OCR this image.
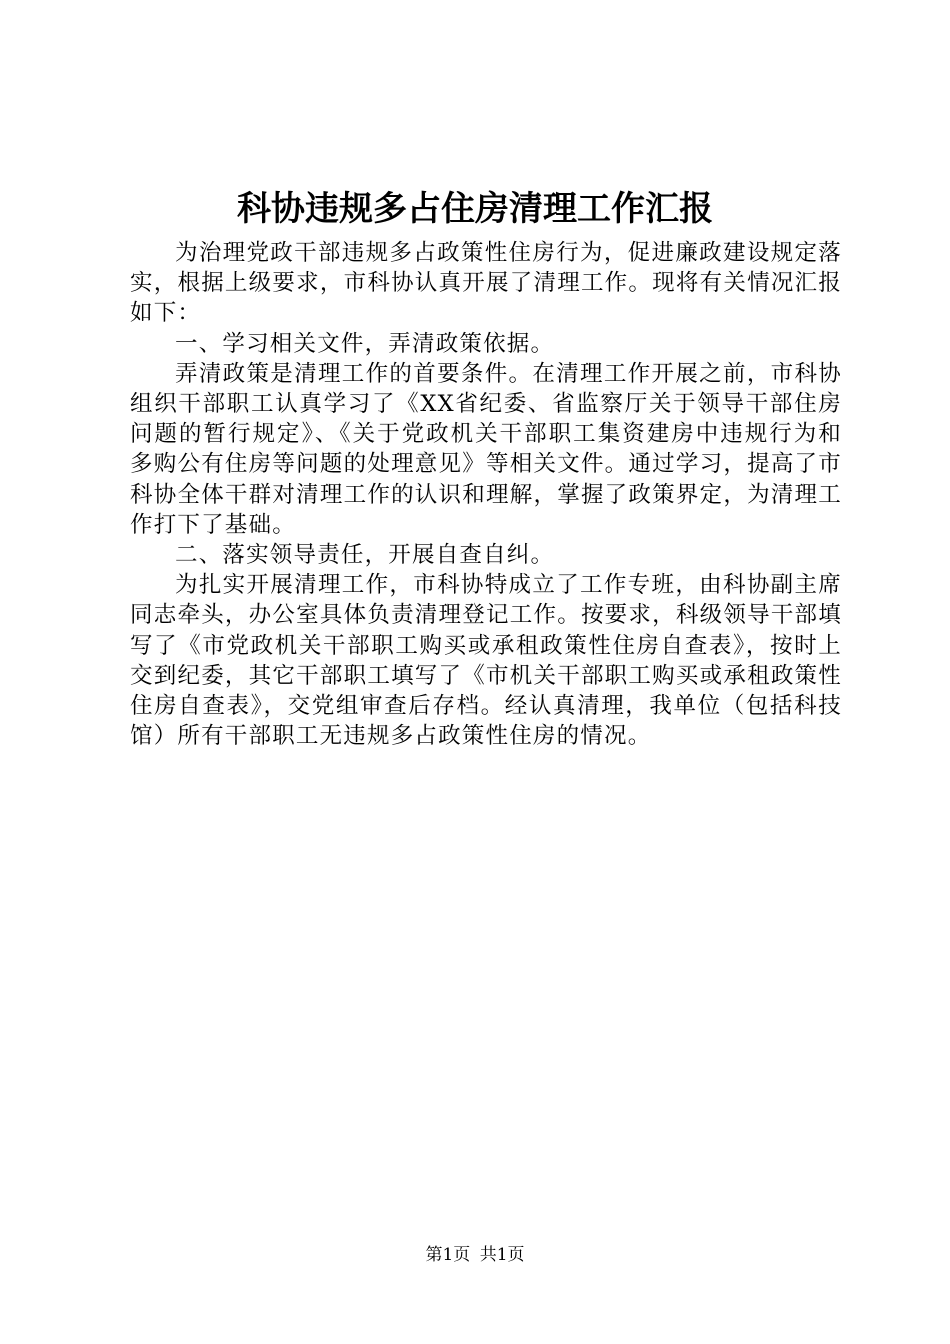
科协违规多占住房清理工作汇报

为治理党政干部违规多占政策性住房行为，促进廉政建设规定落实，根据上级要求，市科协认真开展了清理工作。现将有关情况汇报如下：

一、学习相关文件，弄清政策依据。

弄清政策是清理工作的首要条件。在清理工作开展之前，市科协组织干部职工认真学习了《XX省纪委、省监察厅关于领导干部住房问题的暂行规定》、《关于党政机关干部职工集资建房中违规行为和多购公有住房等问题的处理意见》等相关文件。通过学习，提高了市科协全体干群对清理工作的认识和理解，掌握了政策界定，为清理工作打下了基础。

二、落实领导责任，开展自查自纠。

为扎实开展清理工作，市科协特成立了工作专班，由科协副主席同志牵头，办公室具体负责清理登记工作。按要求，科级领导干部填写了《市党政机关干部职工购买或承租政策性住房自查表》，按时上交到纪委，其它干部职工填写了《市机关干部职工购买或承租政策性住房自查表》，交党组审查后存档。经认真清理，我单位（包括科技馆）所有干部职工无违规多占政策性住房的情况。

第1页 共1页
